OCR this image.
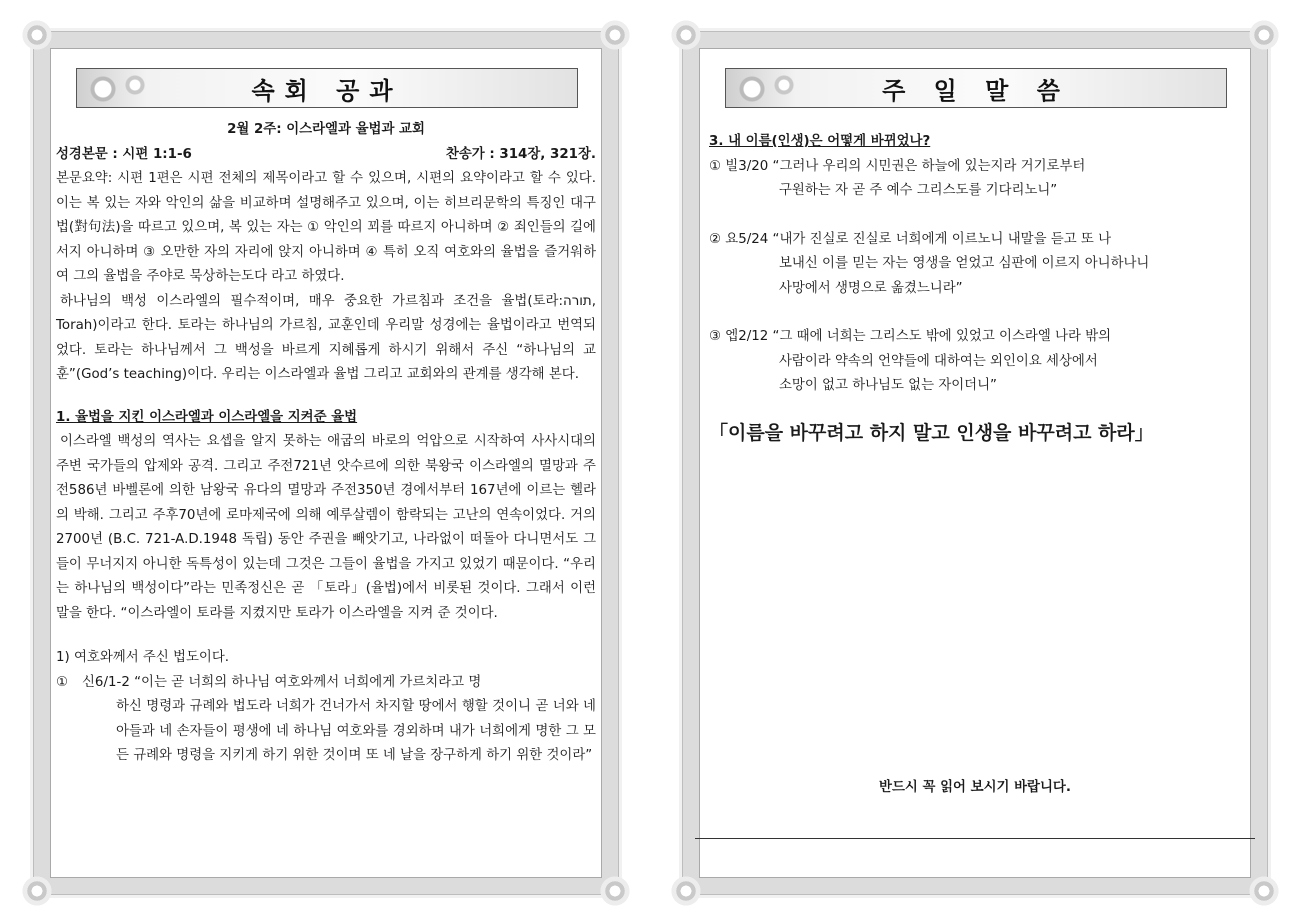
속회 공과
2월 2주: 이스라엘과 율법과 교회
성경본문 : 시편 1:1-6	찬송가 : 314장, 321장.

본문요약: 시편 1편은 시편 전체의 제목이라고 할 수 있으며, 시편의 요약이라고 할 수 있다. 이는 복 있는 자와 악인의 삶을 비교하며 설명해주고 있으며, 이는 히브리문학의 특징인 대구법(對句法)을 따르고 있으며, 복 있는 자는 ① 악인의 꾀를 따르지 아니하며 ② 죄인들의 길에 서지 아니하며 ③ 오만한 자의 자리에 앉지 아니하며 ④ 특히 오직 여호와의 율법을 즐거워하여 그의 율법을 주야로 묵상하는도다 라고 하였다.

하나님의 백성 이스라엘의 필수적이며, 매우 중요한 가르침과 조건을 율법(토라:תורה, Torah)이라고 한다. 토라는 하나님의 가르침, 교훈인데 우리말 성경에는 율법이라고 번역되었다. 토라는 하나님께서 그 백성을 바르게 지혜롭게 하시기 위해서 주신 “하나님의 교훈”(God’s teaching)이다. 우리는 이스라엘과 율법 그리고 교회와의 관계를 생각해 본다.

1. 율법을 지킨 이스라엘과 이스라엘을 지켜준 율법

이스라엘 백성의 역사는 요셉을 알지 못하는 애굽의 바로의 억압으로 시작하여 사사시대의 주변 국가들의 압제와 공격. 그리고 주전721년 앗수르에 의한 북왕국 이스라엘의 멸망과 주전586년 바벨론에 의한 남왕국 유다의 멸망과 주전350년 경에서부터 167년에 이르는 헬라의 박해. 그리고 주후70년에 로마제국에 의해 예루살렘이 함락되는 고난의 연속이었다. 거의 2700년 (B.C. 721-A.D.1948 독립) 동안 주권을 빼앗기고, 나라없이 떠돌아 다니면서도 그들이 무너지지 아니한 독특성이 있는데 그것은 그들이 율법을 가지고 있었기 때문이다. “우리는 하나님의 백성이다”라는 민족정신은 곧 「토라」(율법)에서 비롯된 것이다. 그래서 이런 말을 한다. “이스라엘이 토라를 지켰지만 토라가 이스라엘을 지켜 준 것이다.

1) 여호와께서 주신 법도이다.
①	신6/1-2 “이는 곧 너희의 하나님 여호와께서 너희에게 가르치라고 명
하신 명령과 규례와 법도라 너희가 건너가서 차지할 땅에서 행할 것이니 곧 너와 네 아들과 네 손자들이 평생에 네 하나님 여호와를 경외하며 내가 너희에게 명한 그 모든 규례와 명령을 지키게 하기 위한 것이며 또 네 날을 장구하게 하기 위한 것이라”
주 일 말 씀
3. 내 이름(인생)은 어떻게 바뀌었나?
① 빌3/20 “그러나 우리의 시민권은 하늘에 있는지라 거기로부터
구원하는 자 곧 주 예수 그리스도를 기다리노니”
② 요5/24 “내가 진실로 진실로 너희에게 이르노니 내말을 듣고 또 나
보내신 이를 믿는 자는 영생을 얻었고 심판에 이르지 아니하나니
사망에서 생명으로 옮겼느니라”
③ 엡2/12 “그 때에 너희는 그리스도 밖에 있었고 이스라엘 나라 밖의
사람이라 약속의 언약들에 대하여는 외인이요 세상에서
소망이 없고 하나님도 없는 자이더니”
「이름을 바꾸려고 하지 말고 인생을 바꾸려고 하라」
반드시 꼭 읽어 보시기 바랍니다.
